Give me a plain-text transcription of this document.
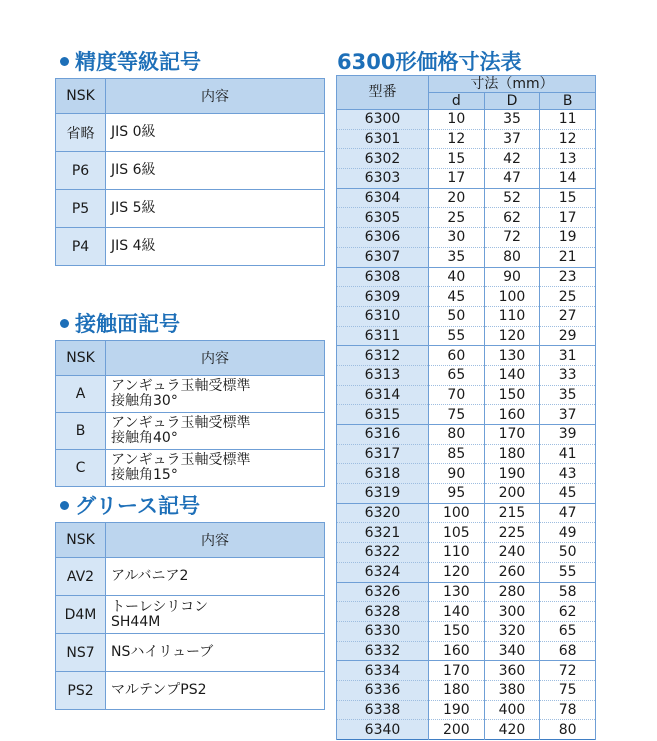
精度等級記号
NSK	内容
省略	JIS 0級
P6	JIS 6級
P5	JIS 5級
P4	JIS 4級
接触面記号
NSK	内容
A	アンギュラ玉軸受標準
接触角30°

B	アンギュラ玉軸受標準
接触角40°

C	アンギュラ玉軸受標準
接触角15°
グリース記号
NSK	内容
AV2	アルバニア2

D4M	トーレシリコン
SH44M

NS7	NSハイリューブ

PS2	マルテンプPS2
6300形価格寸法表
型番	寸法（mm）		
	d	D	B
6300	10	35	11
6301	12	37	12
6302	15	42	13
6303	17	47	14
6304	20	52	15
6305	25	62	17
6306	30	72	19
6307	35	80	21
6308	40	90	23
6309	45	100	25
6310	50	110	27
6311	55	120	29
6312	60	130	31
6313	65	140	33
6314	70	150	35
6315	75	160	37
6316	80	170	39
6317	85	180	41
6318	90	190	43
6319	95	200	45
6320	100	215	47
6321	105	225	49
6322	110	240	50
6324	120	260	55
6326	130	280	58
6328	140	300	62
6330	150	320	65
6332	160	340	68
6334	170	360	72
6336	180	380	75
6338	190	400	78
6340	200	420	80
